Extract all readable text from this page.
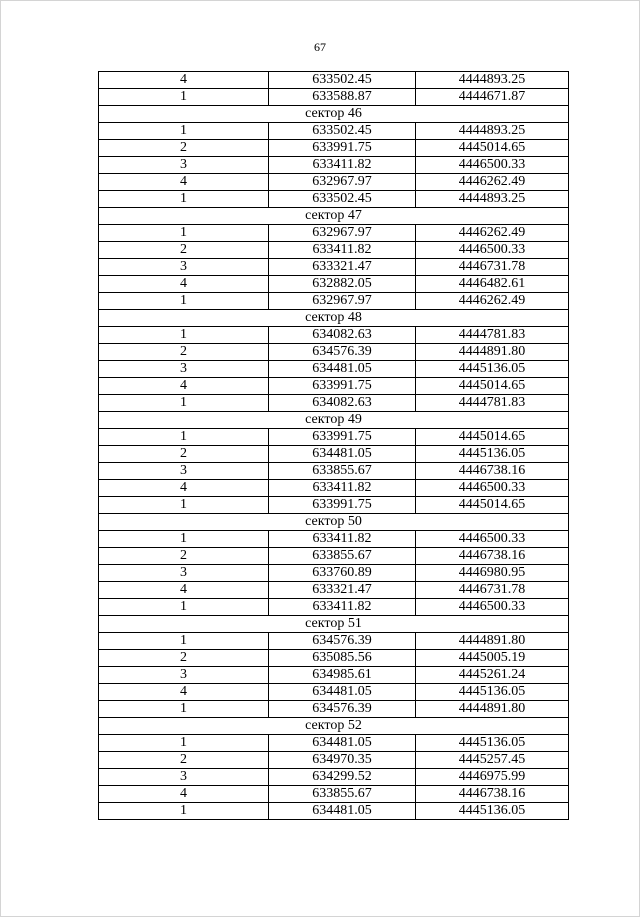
67
4	633502.45	4444893.25
1	633588.87	4444671.87
сектор 46		
1	633502.45	4444893.25
2	633991.75	4445014.65
3	633411.82	4446500.33
4	632967.97	4446262.49
1	633502.45	4444893.25
сектор 47		
1	632967.97	4446262.49
2	633411.82	4446500.33
3	633321.47	4446731.78
4	632882.05	4446482.61
1	632967.97	4446262.49
сектор 48		
1	634082.63	4444781.83
2	634576.39	4444891.80
3	634481.05	4445136.05
4	633991.75	4445014.65
1	634082.63	4444781.83
сектор 49		
1	633991.75	4445014.65
2	634481.05	4445136.05
3	633855.67	4446738.16
4	633411.82	4446500.33
1	633991.75	4445014.65
сектор 50		
1	633411.82	4446500.33
2	633855.67	4446738.16
3	633760.89	4446980.95
4	633321.47	4446731.78
1	633411.82	4446500.33
сектор 51		
1	634576.39	4444891.80
2	635085.56	4445005.19
3	634985.61	4445261.24
4	634481.05	4445136.05
1	634576.39	4444891.80
сектор 52		
1	634481.05	4445136.05
2	634970.35	4445257.45
3	634299.52	4446975.99
4	633855.67	4446738.16
1	634481.05	4445136.05
